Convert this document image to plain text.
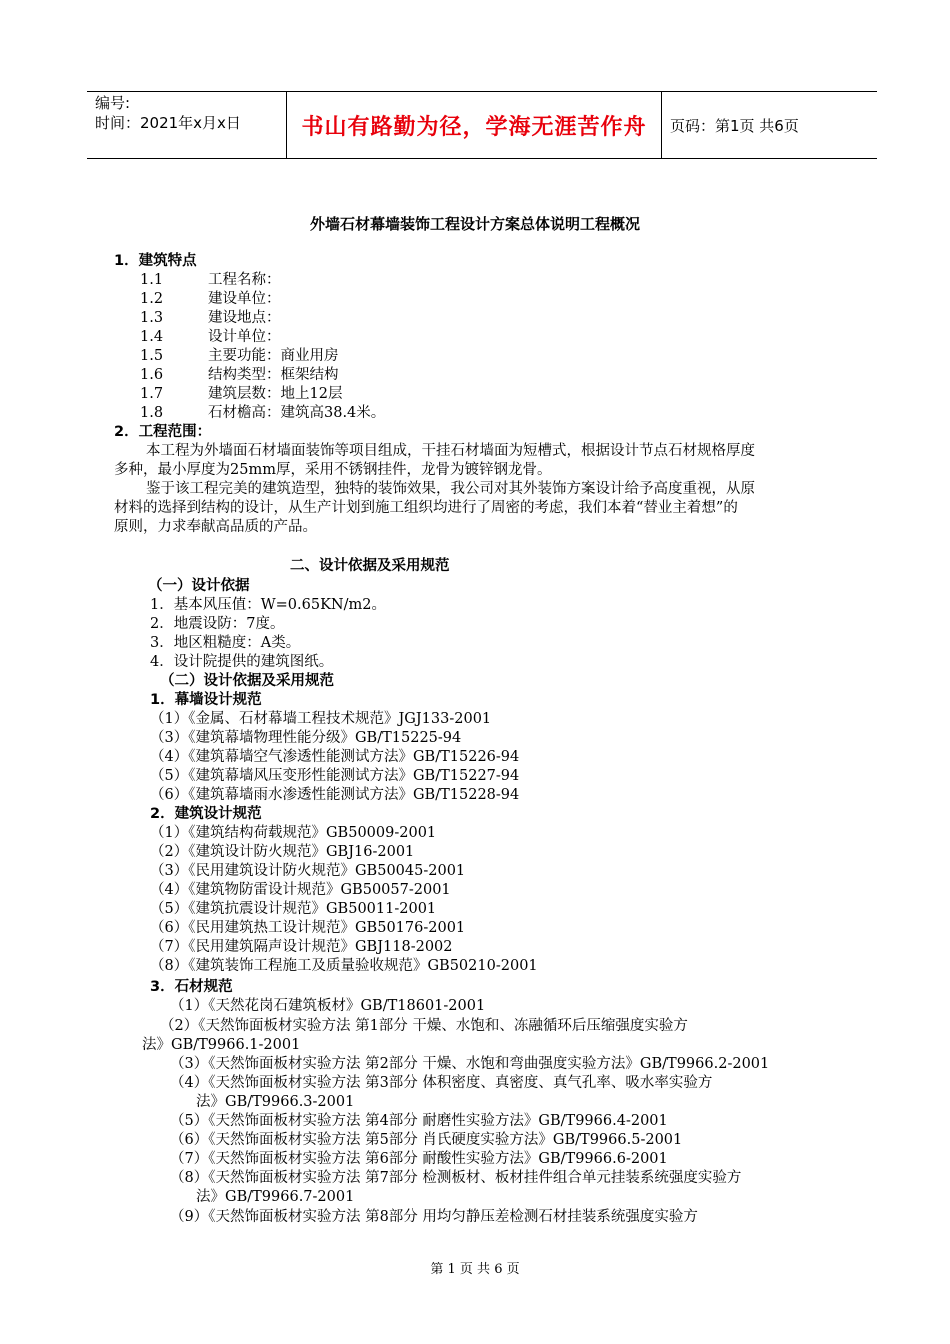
编号:
时间：2021年x月x日	书山有路勤为径，学海无涯苦作舟	页码：第1页 共6页
外墙石材幕墙装饰工程设计方案总体说明工程概况
1．建筑特点
1.1	工程名称：
1.2	建设单位：
1.3	建设地点：
1.4	设计单位：
1.5	主要功能：商业用房
1.6	结构类型：框架结构
1.7	建筑层数：地上12层
1.8	石材檐高：建筑高38.4米。
2．工程范围：
本工程为外墙面石材墙面装饰等项目组成，干挂石材墙面为短槽式，根据设计节点石材规格厚度
多种，最小厚度为25mm厚，采用不锈钢挂件，龙骨为镀锌钢龙骨。
鉴于该工程完美的建筑造型，独特的装饰效果，我公司对其外装饰方案设计给予高度重视，从原
材料的选择到结构的设计，从生产计划到施工组织均进行了周密的考虑，我们本着“替业主着想”的
原则，力求奉献高品质的产品。
二、设计依据及采用规范
（一）设计依据
1．基本风压值：W=0.65KN/m2。
2．地震设防：7度。
3．地区粗糙度：A类。
4．设计院提供的建筑图纸。
（二）设计依据及采用规范
1．幕墙设计规范
（1）《金属、石材幕墙工程技术规范》JGJ133-2001
（3）《建筑幕墙物理性能分级》GB/T15225-94
（4）《建筑幕墙空气渗透性能测试方法》GB/T15226-94
（5）《建筑幕墙风压变形性能测试方法》GB/T15227-94
（6）《建筑幕墙雨水渗透性能测试方法》GB/T15228-94
2．建筑设计规范
（1）《建筑结构荷载规范》GB50009-2001
（2）《建筑设计防火规范》GBJ16-2001
（3）《民用建筑设计防火规范》GB50045-2001
（4）《建筑物防雷设计规范》GB50057-2001
（5）《建筑抗震设计规范》GB50011-2001
（6）《民用建筑热工设计规范》GB50176-2001
（7）《民用建筑隔声设计规范》GBJ118-2002
（8）《建筑装饰工程施工及质量验收规范》GB50210-2001
3．石材规范
（1）《天然花岗石建筑板材》GB/T18601-2001
（2）《天然饰面板材实验方法 第1部分 干燥、水饱和、冻融循环后压缩强度实验方
法》GB/T9966.1-2001
（3）《天然饰面板材实验方法 第2部分 干燥、水饱和弯曲强度实验方法》GB/T9966.2-2001
（4）《天然饰面板材实验方法 第3部分 体积密度、真密度、真气孔率、吸水率实验方
法》GB/T9966.3-2001
（5）《天然饰面板材实验方法 第4部分 耐磨性实验方法》GB/T9966.4-2001
（6）《天然饰面板材实验方法 第5部分 肖氏硬度实验方法》GB/T9966.5-2001
（7）《天然饰面板材实验方法 第6部分 耐酸性实验方法》GB/T9966.6-2001
（8）《天然饰面板材实验方法 第7部分 检测板材、板材挂件组合单元挂装系统强度实验方
法》GB/T9966.7-2001
（9）《天然饰面板材实验方法 第8部分 用均匀静压差检测石材挂装系统强度实验方
第 1 页 共 6 页
